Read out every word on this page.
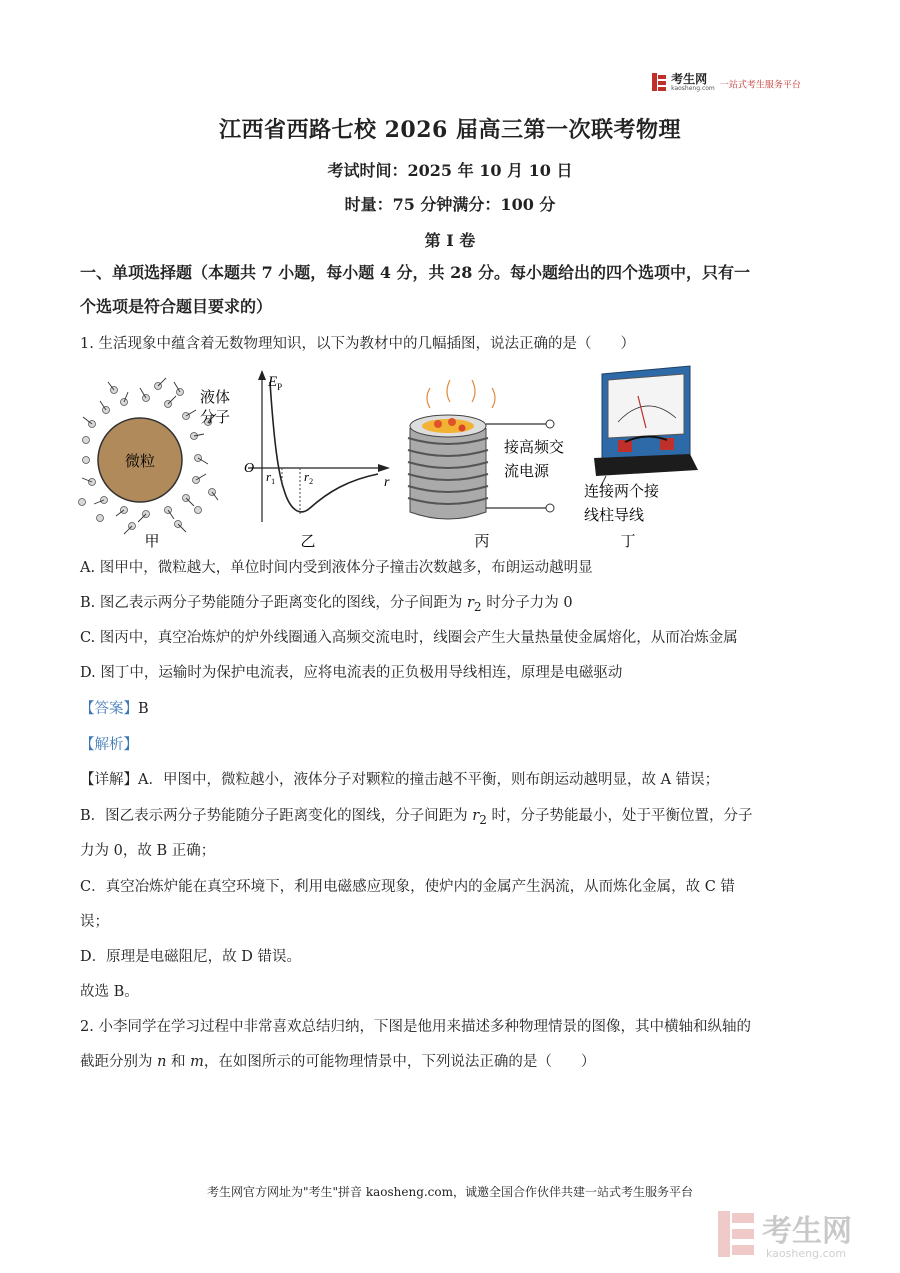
考生网
kaosheng.com 一站式考生服务平台
江西省西路七校 2026 届高三第一次联考物理
考试时间：2025 年 10 月 10 日
时量：75 分钟满分：100 分
第 I 卷
一、单项选择题（本题共 7 小题，每小题 4 分，共 28 分。每小题给出的四个选项中，只有一
个选项是符合题目要求的）
1. 生活现象中蕴含着无数物理知识，以下为教材中的几幅插图，说法正确的是（　　）
微粒
液体
分子
甲
$E_P$
O
$r_1$ $r_2$	r
乙
接高频交
流电源
丙
连接两个接
线柱导线
丁
A. 图甲中，微粒越大，单位时间内受到液体分子撞击次数越多，布朗运动越明显
B. 图乙表示两分子势能随分子距离变化的图线，分子间距为 $r_2$ 时分子力为 0
C. 图丙中，真空冶炼炉的炉外线圈通入高频交流电时，线圈会产生大量热量使金属熔化，从而冶炼金属
D. 图丁中，运输时为保护电流表，应将电流表的正负极用导线相连，原理是电磁驱动
【答案】B
【解析】
【详解】A．甲图中，微粒越小，液体分子对颗粒的撞击越不平衡，则布朗运动越明显，故 A 错误；
B．图乙表示两分子势能随分子距离变化的图线，分子间距为 $r_2$ 时，分子势能最小，处于平衡位置，分子
力为 0，故 B 正确；
C．真空冶炼炉能在真空环境下，利用电磁感应现象，使炉内的金属产生涡流，从而炼化金属，故 C 错
误；
D．原理是电磁阻尼，故 D 错误。
故选 B。
2. 小李同学在学习过程中非常喜欢总结归纳，下图是他用来描述多种物理情景的图像，其中横轴和纵轴的
截距分别为 n 和 m，在如图所示的可能物理情景中，下列说法正确的是（　　）
考生网官方网址为"考生"拼音 kaosheng.com，诚邀全国合作伙伴共建一站式考生服务平台
考生网
kaosheng.com
